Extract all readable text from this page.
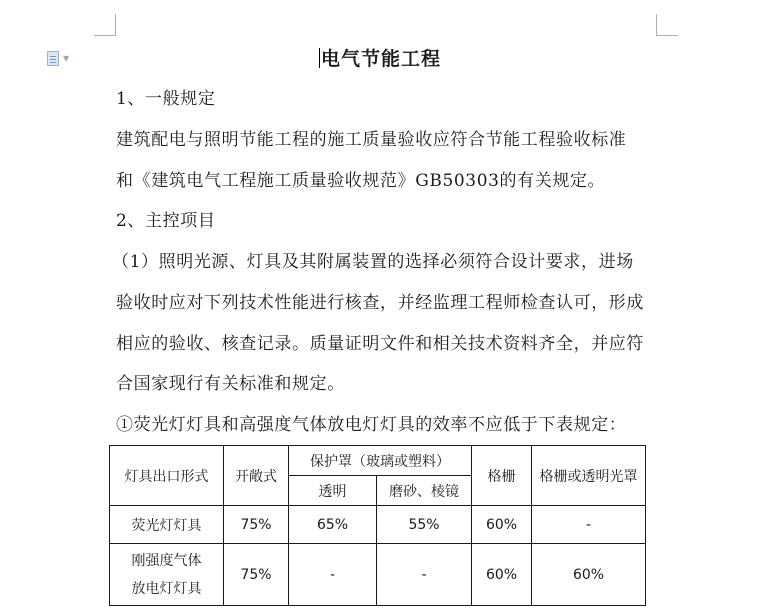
▼	电气节能工程
1、一般规定
建筑配电与照明节能工程的施工质量验收应符合节能工程验收标准
和《建筑电气工程施工质量验收规范》GB50303的有关规定。
2、主控项目
（1）照明光源、灯具及其附属装置的选择必须符合设计要求，进场
验收时应对下列技术性能进行核查，并经监理工程师检查认可，形成
相应的验收、核查记录。质量证明文件和相关技术资料齐全，并应符
合国家现行有关标准和规定。
①荧光灯灯具和高强度气体放电灯灯具的效率不应低于下表规定：
灯具出口形式	开敞式	保护罩（玻璃或塑料）		格栅	格栅或透明光罩
		透明	磨砂、棱镜		
荧光灯灯具	75%	65%	55%	60%	-

刚强度气体
放电灯灯具	75%	-	-	60%	60%
